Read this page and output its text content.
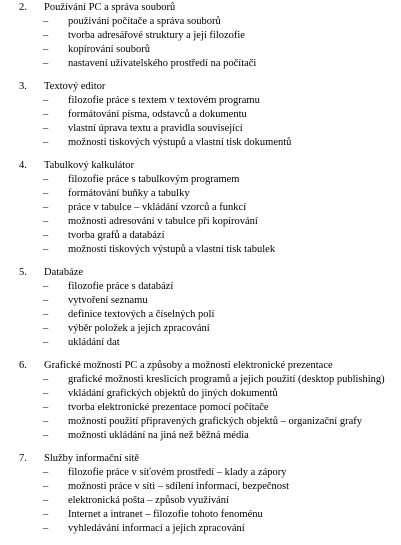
2. Používání PC a správa souborů
– používání počítače a správa souborů
– tvorba adresářové struktury a její filozofie
– kopírování souborů
– nastavení uživatelského prostředí na počítači
3. Textový editor
– filozofie práce s textem v textovém programu
– formátování písma, odstavců a dokumentu
– vlastní úprava textu a pravidla související
– možnosti tiskových výstupů a vlastní tisk dokumentů
4. Tabulkový kalkulátor
– filozofie práce s tabulkovým programem
– formátování buňky a tabulky
– práce v tabulce – vkládání vzorců a funkcí
– možnosti adresování v tabulce při kopírování
– tvorba grafů a databází
– možnosti tiskových výstupů a vlastní tisk tabulek
5. Databáze
– filozofie práce s databází
– vytvoření seznamu
– definice textových a číselných polí
– výběr položek a jejich zpracování
– ukládání dat
6. Grafické možnosti PC a způsoby a možnosti elektronické prezentace
– grafické možnosti kreslicích programů a jejich použití (desktop publishing)
– vkládání grafických objektů do jiných dokumentů
– tvorba elektronické prezentace pomocí počítače
– možnosti použití připravených grafických objektů – organizační grafy
– možnosti ukládání na jiná než běžná média
7. Služby informační sítě
– filozofie práce v síťovém prostředí – klady a zápory
– možnosti práce v síti – sdílení informací, bezpečnost
– elektronická pošta – způsob využívání
– Internet a intranet – filozofie tohoto fenoménu
– vyhledávání informací a jejich zpracování
